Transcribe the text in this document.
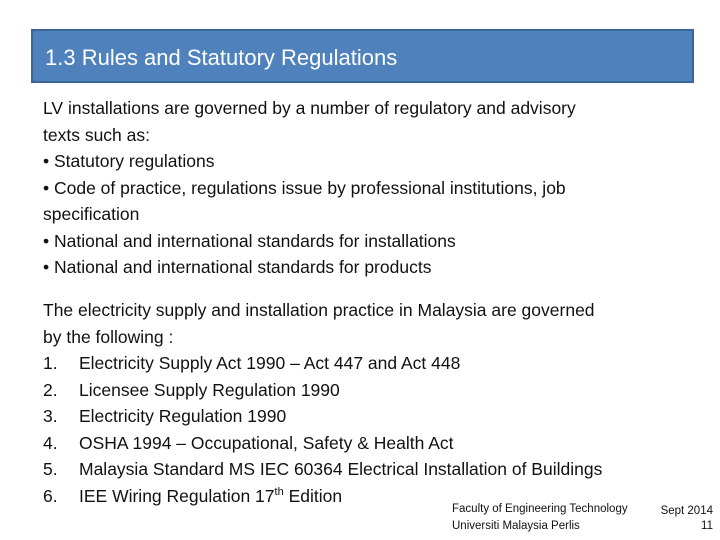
1.3 Rules and Statutory Regulations
LV installations are governed by a number of regulatory and advisory
texts such as:
• Statutory regulations
• Code of practice, regulations issue by professional institutions, job
specification
• National and international standards for installations
• National and international standards for products
The electricity supply and installation practice in Malaysia are governed
by the following :
1.	Electricity Supply Act 1990 – Act 447 and Act 448
2.	Licensee Supply Regulation 1990
3.	Electricity Regulation 1990
4.	OSHA 1994 – Occupational, Safety & Health Act
5.	Malaysia Standard MS IEC 60364 Electrical Installation of Buildings
6.	IEE Wiring Regulation 17th Edition
Faculty of Engineering Technology
Universiti Malaysia Perlis
Sept 2014
11
